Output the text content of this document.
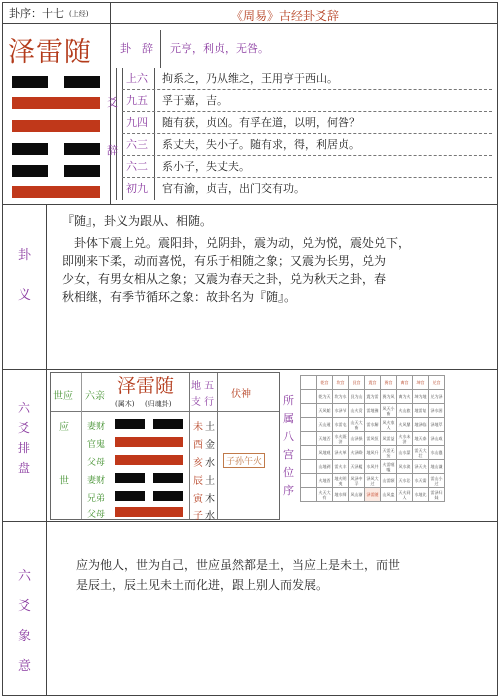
卦序：十七 (上经)	《周易》古经卦爻辞
泽雷随	卦　辞 元亨，利贞，无咎。
爻
辞
上六 拘系之，乃从维之，王用亨于西山。
九五 孚于嘉，吉。
九四 随有获，贞凶。有孚在道，以明，何咎？
六三 系丈夫，失小子。随有求，得，利居贞。
六二 系小子，失丈夫。
初九 官有渝，贞吉，出门交有功。
卦
义
『随』，卦义为跟从、相随。
卦体下震上兑。震阳卦，兑阴卦，震为动，兑为悦，震处兑下，
即刚来下柔，动而喜悦，有乐于相随之象；又震为长男，兑为
少女，有男女相从之象；又震为春天之卦，兑为秋天之卦，春
秋相继，有季节循环之象：故卦名为『随』。
六
爻
排
盘
世应 六亲 泽雷随
(属木) (归魂卦)
地
支
五
行
伏神
应 妻财	未 土
官鬼	酉 金
父母	亥 水	子孙午火
世 妻财	辰 土
兄弟	寅 木
父母	子 水
所
属
八
宫
位
序
	乾宫	坎宫	艮宫	震宫	巽宫	离宫	坤宫	兑宫
	乾为天	坎为水	艮为山	震为雷	巽为风	离为火	坤为地	兑为泽
	天风姤	水泽节	山火贲	雷地豫	风天小畜	火山旅	地雷复	泽水困
	天山遁	水雷屯	山天大畜	雷水解	风火家人	火风鼎	地泽临	泽地萃
	天地否	水火既济	山泽损	雷风恒	风雷益	火水未济	地天泰	泽山咸
	风地观	泽火革	火泽睽	地风升	天雷无妄	山水蒙	雷天大壮	水山蹇
	山地剥	雷火丰	天泽履	水风井	火雷噬嗑	风水涣	泽天夬	地山谦
	火地晋	地火明夷	风泽中孚	泽风大过	山雷颐	天水讼	水天需	雷山小过
	火天大有	地水师	风山渐	泽雷随	山风蛊	天火同人	水地比	雷泽归妹
六
爻
象
意
应为他人，世为自己，世应虽然都是土，当应上是未土，而世
是辰土，辰土见未土而化进，跟上别人而发展。
